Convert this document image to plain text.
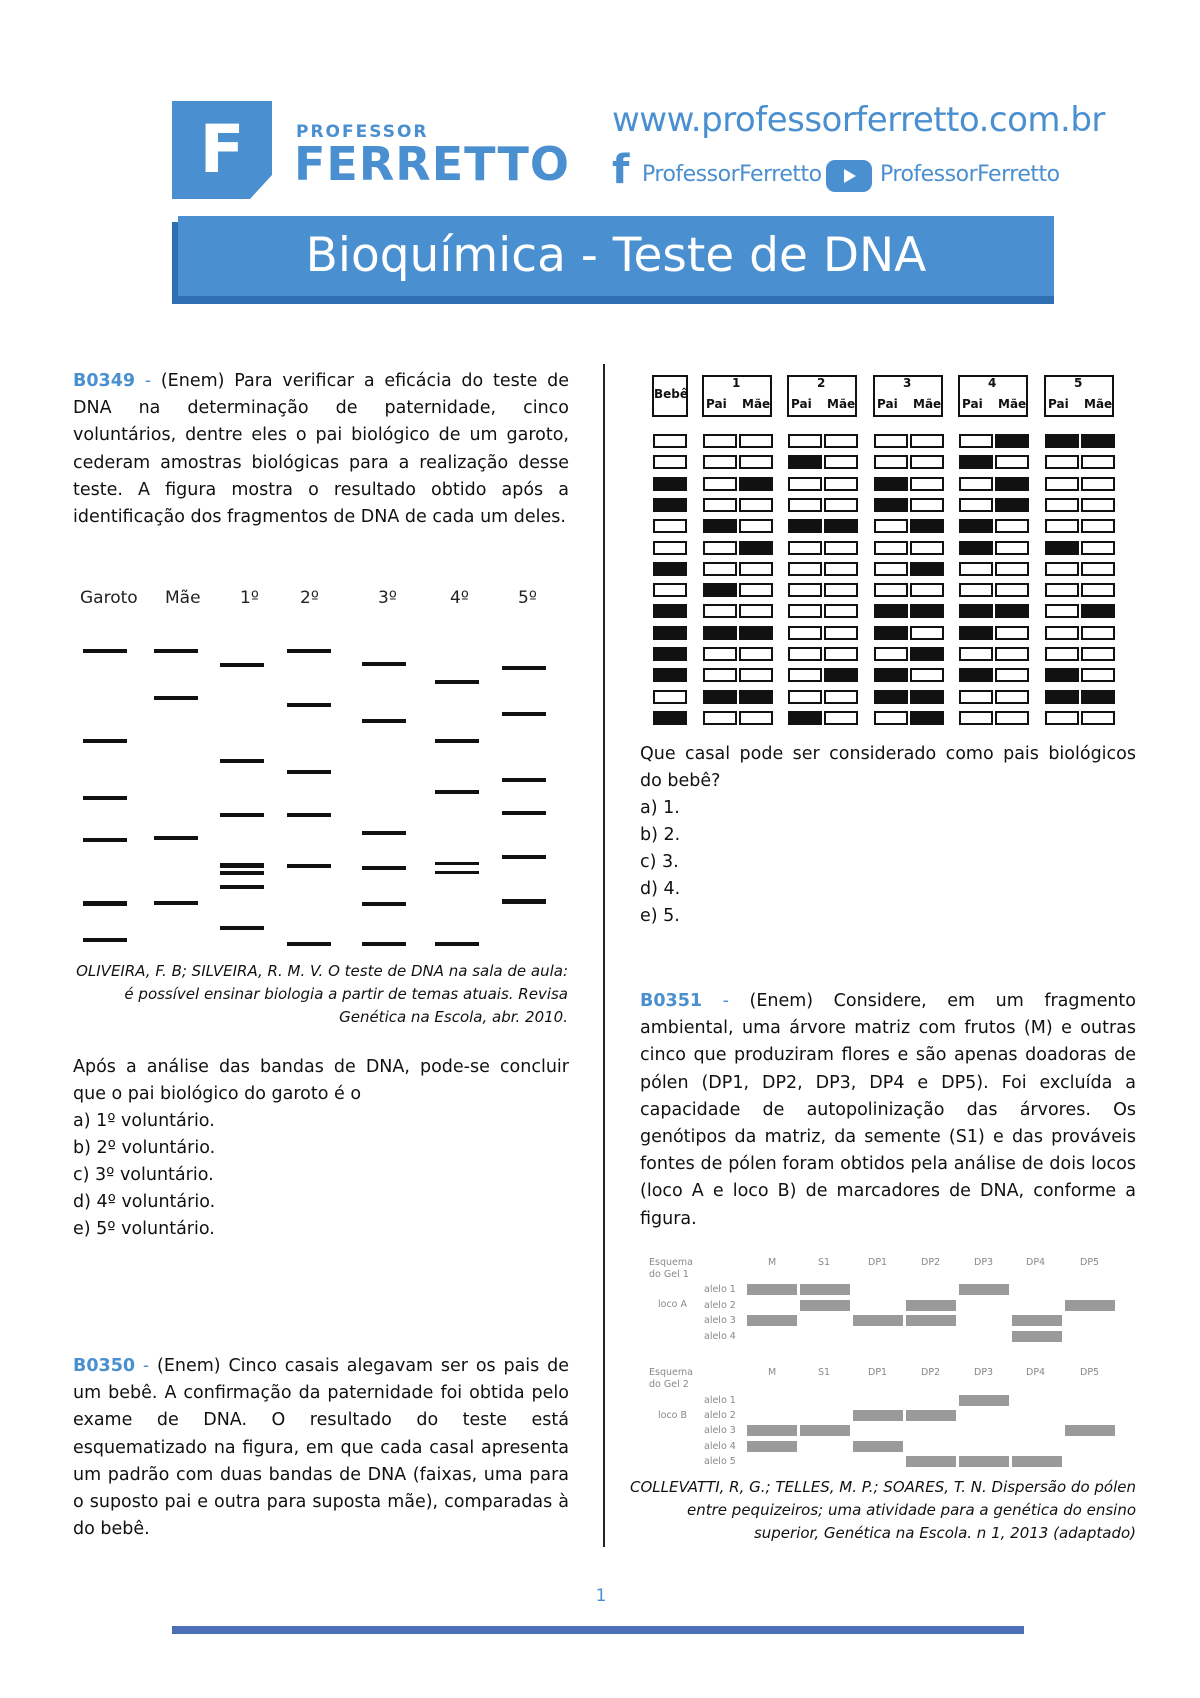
F	PROFESSOR
FERRETTO
www.professorferretto.com.br
f ProfessorFerretto	ProfessorFerretto
Bioquímica - Teste de DNA
B0349 - (Enem) Para verificar a eficácia do teste de DNA na determinação de paternidade, cinco voluntários, dentre eles o pai biológico de um garoto, cederam amostras biológicas para a realização desse teste. A figura mostra o resultado obtido após a identificação dos fragmentos de DNA de cada um deles.
Garoto Mãe 1º 2º	3º	4º	5º
OLIVEIRA, F. B; SILVEIRA, R. M. V. O teste de DNA na sala de aula:
é possível ensinar biologia a partir de temas atuais. Revisa
Genética na Escola, abr. 2010.
Após a análise das bandas de DNA, pode-se concluir que o pai biológico do garoto é o
a) 1º voluntário.
b) 2º voluntário.
c) 3º voluntário.
d) 4º voluntário.
e) 5º voluntário.
B0350 - (Enem) Cinco casais alegavam ser os pais de um bebê. A confirmação da paternidade foi obtida pelo exame de DNA. O resultado do teste está esquematizado na figura, em que cada casal apresenta um padrão com duas bandas de DNA (faixas, uma para o suposto pai e outra para suposta mãe), comparadas à do bebê.
Bebê
1
Pai Mãe
2
Pai Mãe
3
Pai Mãe
4
Pai Mãe
5
Pai Mãe
Que casal pode ser considerado como pais biológicos do bebê?
a) 1.
b) 2.
c) 3.
d) 4.
e) 5.
B0351 - (Enem) Considere, em um fragmento ambiental, uma árvore matriz com frutos (M) e outras cinco que produziram flores e são apenas doadoras de pólen (DP1, DP2, DP3, DP4 e DP5). Foi excluída a capacidade de autopolinização das árvores. Os genótipos da matriz, da semente (S1) e das prováveis fontes de pólen foram obtidos pela análise de dois locos (loco A e loco B) de marcadores de DNA, conforme a figura.
Esquema
do Gel 1
M	S1	DP1	DP2	DP3	DP4	DP5
loco A
alelo 1
alelo 2
alelo 3
alelo 4
Esquema
do Gel 2
M	S1	DP1	DP2	DP3	DP4	DP5
loco B
alelo 1
alelo 2
alelo 3
alelo 4
alelo 5
COLLEVATTI, R, G.; TELLES, M. P.; SOARES, T. N. Dispersão do pólen
entre pequizeiros; uma atividade para a genética do ensino
superior, Genética na Escola. n 1, 2013 (adaptado)
1
